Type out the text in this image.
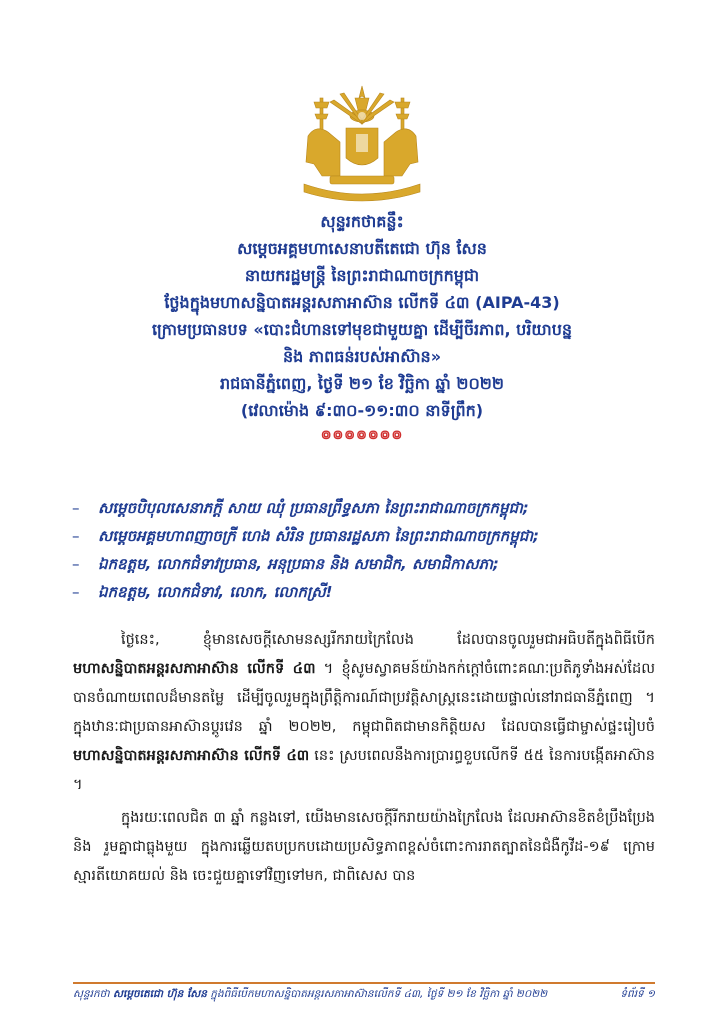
សុន្ទរកថាគន្លឹះ
សម្ដេចអគ្គមហាសេនាបតីតេជោ ហ៊ុន សែន
នាយករដ្ឋមន្ត្រី នៃព្រះរាជាណាចក្រកម្ពុជា
ថ្លែងក្នុងមហាសន្និបាតអន្តរសភាអាស៊ាន លើកទី ៤៣ (AIPA-43)
ក្រោមប្រធានបទ «បោះជំហានទៅមុខជាមួយគ្នា ដើម្បីចីរភាព, បរិយាបន្ន
និង ភាពធន់របស់អាស៊ាន»
រាជធានីភ្នំពេញ, ថ្ងៃទី ២១ ខែ វិច្ឆិកា ឆ្នាំ ២០២២
(វេលាម៉ោង ៩:៣០-១១:៣០ នាទីព្រឹក)
៙៙៙៙៙៙៙
– សម្តេចបិបុលសេនាភក្តី សាយ ឈុំ ប្រធានព្រឹទ្ធសភា នៃព្រះរាជាណាចក្រកម្ពុជា;
– សម្តេចអគ្គមហាពញាចក្រី ហេង សំរិន ប្រធានរដ្ឋសភា នៃព្រះរាជាណាចក្រកម្ពុជា;
– ឯកឧត្តម, លោកជំទាវប្រធាន, អនុប្រធាន និង សមាជិក, សមាជិកាសភា;
– ឯកឧត្តម, លោកជំទាវ, លោក, លោកស្រី!

ថ្ងៃនេះ, ខ្ញុំមានសេចក្តីសោមនស្សរីករាយក្រៃលែង ដែលបានចូលរួមជាអធិបតីក្នុងពិធីបើក មហាសន្និបាតអន្តរសភាអាស៊ាន លើកទី ៤៣ ។ ខ្ញុំសូមស្វាគមន៍យ៉ាងកក់ក្តៅចំពោះគណៈប្រតិភូទាំងអស់ដែលបានចំណាយពេលដ៏មានតម្លៃ ដើម្បីចូលរួមក្នុងព្រឹត្តិការណ៍ជាប្រវត្តិសាស្ត្រនេះដោយផ្ទាល់នៅរាជធានីភ្នំពេញ ។ ក្នុងឋានៈជាប្រធានអាស៊ានប្តូរវេន ឆ្នាំ ២០២២, កម្ពុជាពិតជាមានកិត្តិយស ដែលបានធ្វើជាម្ចាស់ផ្ទះរៀបចំ មហាសន្និបាតអន្តរសភាអាស៊ាន លើកទី ៤៣ នេះ ស្របពេលនឹងការប្រារព្ធខួបលើកទី ៥៥ នៃការបង្កើតអាស៊ាន ។

ក្នុងរយៈពេលជិត ៣ ឆ្នាំ កន្លងទៅ, យើងមានសេចក្តីរីករាយយ៉ាងក្រៃលែង ដែលអាស៊ានខិតខំប្រឹងប្រែង និង រួមគ្នាជាធ្លុងមួយ ក្នុងការឆ្លើយតបប្រកបដោយប្រសិទ្ធភាពខ្ពស់ចំពោះការរាតត្បាតនៃជំងឺកូវីដ-១៩ ក្រោមស្មារតីយោគយល់ និង ចេះជួយគ្នាទៅវិញទៅមក, ជាពិសេស បាន

សុន្ទរកថា សម្តេចតេជោ ហ៊ុន សែន ក្នុងពិធីបើកមហាសន្និបាតអន្តរសភាអាស៊ានលើកទី ៤៣, ថ្ងៃទី ២១ ខែ វិច្ឆិកា ឆ្នាំ ២០២២	ទំព័រទី ១
